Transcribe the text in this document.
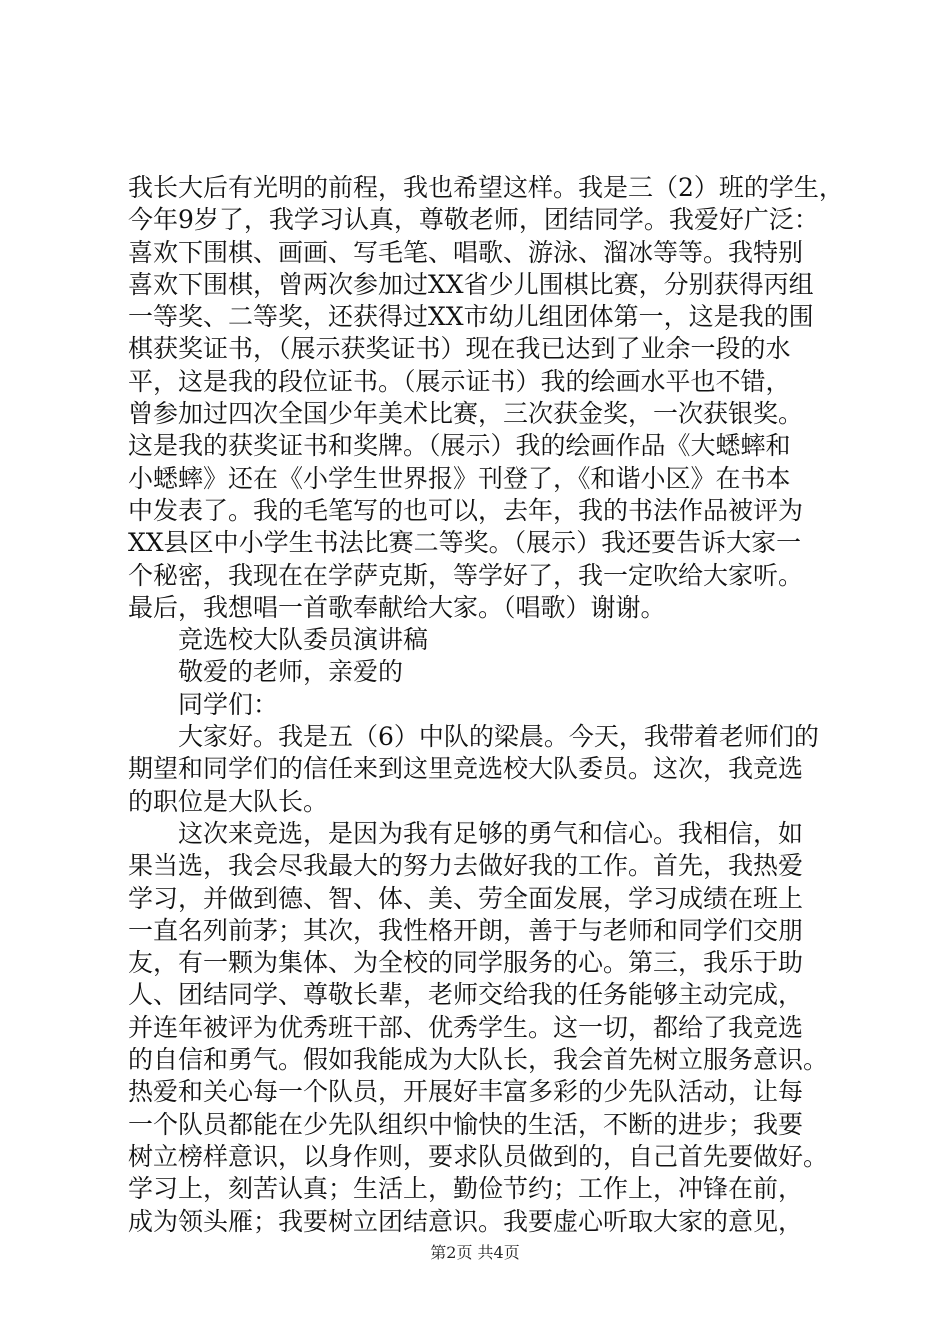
我长大后有光明的前程，我也希望这样。我是三（2）班的学生，
今年9岁了，我学习认真，尊敬老师，团结同学。我爱好广泛：
喜欢下围棋、画画、写毛笔、唱歌、游泳、溜冰等等。我特别
喜欢下围棋，曾两次参加过XX省少儿围棋比赛，分别获得丙组
一等奖、二等奖，还获得过XX市幼儿组团体第一，这是我的围
棋获奖证书，（展示获奖证书）现在我已达到了业余一段的水
平，这是我的段位证书。（展示证书）我的绘画水平也不错，
曾参加过四次全国少年美术比赛，三次获金奖，一次获银奖。
这是我的获奖证书和奖牌。（展示）我的绘画作品《大蟋蟀和
小蟋蟀》还在《小学生世界报》刊登了，《和谐小区》在书本
中发表了。我的毛笔写的也可以，去年，我的书法作品被评为
XX县区中小学生书法比赛二等奖。（展示）我还要告诉大家一
个秘密，我现在在学萨克斯，等学好了，我一定吹给大家听。
最后，我想唱一首歌奉献给大家。（唱歌）谢谢。
　　竞选校大队委员演讲稿
　　敬爱的老师，亲爱的
　　同学们：
　　大家好。我是五（6）中队的梁晨。今天，我带着老师们的
期望和同学们的信任来到这里竞选校大队委员。这次，我竞选
的职位是大队长。
　　这次来竞选，是因为我有足够的勇气和信心。我相信，如
果当选，我会尽我最大的努力去做好我的工作。首先，我热爱
学习，并做到德、智、体、美、劳全面发展，学习成绩在班上
一直名列前茅；其次，我性格开朗，善于与老师和同学们交朋
友，有一颗为集体、为全校的同学服务的心。第三，我乐于助
人、团结同学、尊敬长辈，老师交给我的任务能够主动完成，
并连年被评为优秀班干部、优秀学生。这一切，都给了我竞选
的自信和勇气。假如我能成为大队长，我会首先树立服务意识。
热爱和关心每一个队员，开展好丰富多彩的少先队活动，让每
一个队员都能在少先队组织中愉快的生活，不断的进步；我要
树立榜样意识，以身作则，要求队员做到的，自己首先要做好。
学习上，刻苦认真；生活上，勤俭节约；工作上，冲锋在前，
成为领头雁；我要树立团结意识。我要虚心听取大家的意见，
第2页 共4页
